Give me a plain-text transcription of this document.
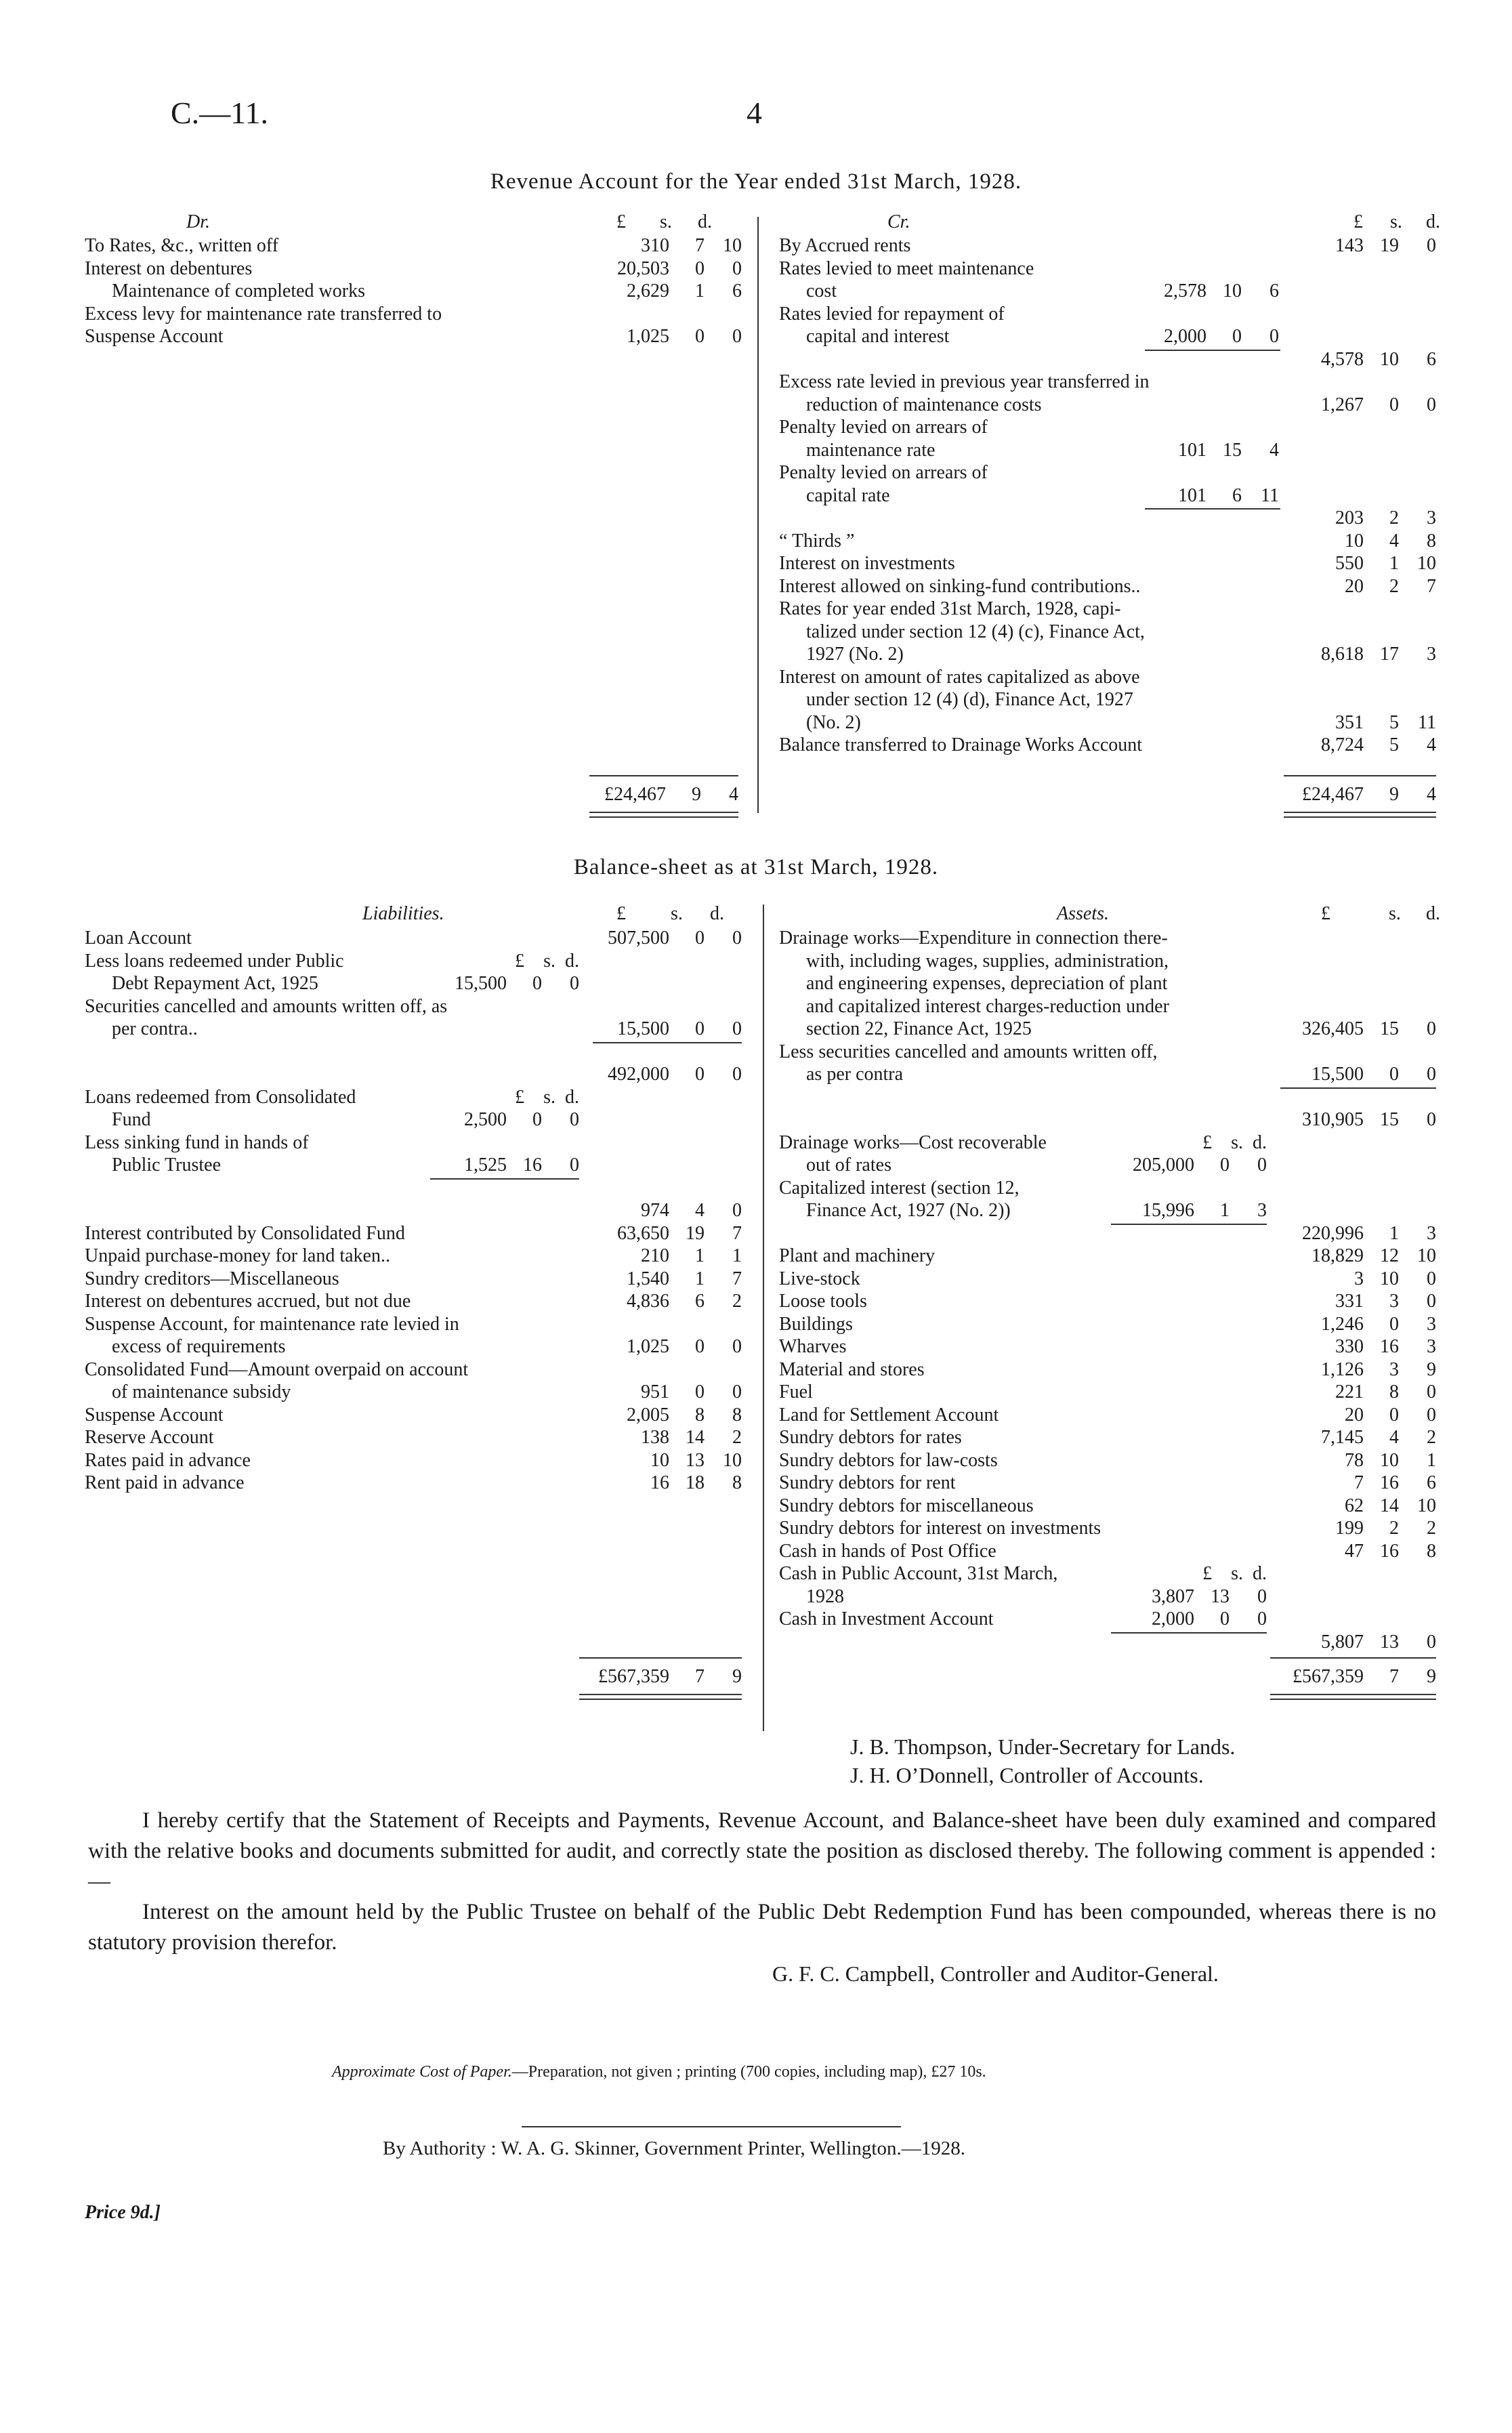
C.—11.	4
Revenue Account for the Year ended 31st March, 1928.
Dr.	£ s. d.	Cr.	£ s. d.
To Rates, &c., written off	310 7 10
Interest on debentures	20,503 0 0
Maintenance of completed works	2,629 1 6
Excess levy for maintenance rate transferred to
Suspense Account	1,025 0 0
By Accrued rents	143 19 0
Rates levied to meet maintenance
cost	2,578 10 6
Rates levied for repayment of
capital and interest	2,000 0 0
4,578 10 6
Excess rate levied in previous year transferred in
reduction of maintenance costs	1,267 0 0
Penalty levied on arrears of
maintenance rate	101 15 4
Penalty levied on arrears of
capital rate	101 6 11
203 2 3
“ Thirds ”	10 4 8
Interest on investments	550 1 10
Interest allowed on sinking-fund contributions..	20 2 7
Rates for year ended 31st March, 1928, capi-
talized under section 12 (4) (c), Finance Act,
1927 (No. 2)	8,618 17 3
Interest on amount of rates capitalized as above
under section 12 (4) (d), Finance Act, 1927
(No. 2)	351 5 11
Balance transferred to Drainage Works Account	8,724 5 4
£24,467 9 4	£24,467 9 4
Balance-sheet as at 31st March, 1928.
Liabilities.	£ s. d.	Assets.	£	s. d.
Loan Account	507,500 0 0
Less loans redeemed under Public	£ s. d.
Debt Repayment Act, 1925	15,500 0 0
Securities cancelled and amounts written off, as
per contra..	15,500 0 0
492,000 0 0
Loans redeemed from Consolidated	£ s. d.
Fund	2,500 0 0
Less sinking fund in hands of
Public Trustee	1,525 16 0
974 4 0
Interest contributed by Consolidated Fund	63,650 19 7
Unpaid purchase-money for land taken..	210 1 1
Sundry creditors—Miscellaneous	1,540 1 7
Interest on debentures accrued, but not due	4,836 6 2
Suspense Account, for maintenance rate levied in
excess of requirements	1,025 0 0
Consolidated Fund—Amount overpaid on account
of maintenance subsidy	951 0 0
Suspense Account	2,005 8 8
Reserve Account	138 14 2
Rates paid in advance	10 13 10
Rent paid in advance	16 18 8
Drainage works—Expenditure in connection there-
with, including wages, supplies, administration,
and engineering expenses, depreciation of plant
and capitalized interest charges-reduction under
section 22, Finance Act, 1925	326,405 15 0
Less securities cancelled and amounts written off,
as per contra	15,500 0 0
310,905 15 0
Drainage works—Cost recoverable	£ s. d.
out of rates	205,000 0 0
Capitalized interest (section 12,
Finance Act, 1927 (No. 2))	15,996 1 3
220,996 1 3
Plant and machinery	18,829 12 10
Live-stock	3 10 0
Loose tools	331 3 0
Buildings	1,246 0 3
Wharves	330 16 3
Material and stores	1,126 3 9
Fuel	221 8 0
Land for Settlement Account	20 0 0
Sundry debtors for rates	7,145 4 2
Sundry debtors for law-costs	78 10 1
Sundry debtors for rent	7 16 6
Sundry debtors for miscellaneous	62 14 10
Sundry debtors for interest on investments	199 2 2
Cash in hands of Post Office	47 16 8
Cash in Public Account, 31st March,	£ s. d.
1928	3,807 13 0
Cash in Investment Account	2,000 0 0
5,807 13 0
£567,359 7 9	£567,359 7 9
J. B. Thompson, Under-Secretary for Lands.
J. H. O’Donnell, Controller of Accounts.
I hereby certify that the Statement of Receipts and Payments, Revenue Account, and Balance-sheet have been duly examined and compared with the relative books and documents submitted for audit, and correctly state the position as disclosed thereby. The following comment is appended :—
Interest on the amount held by the Public Trustee on behalf of the Public Debt Redemption Fund has been compounded, whereas there is no statutory provision therefor.
G. F. C. Campbell, Controller and Auditor-General.
Approximate Cost of Paper.—Preparation, not given ; printing (700 copies, including map), £27 10s.
By Authority : W. A. G. Skinner, Government Printer, Wellington.—1928.
Price 9d.]
